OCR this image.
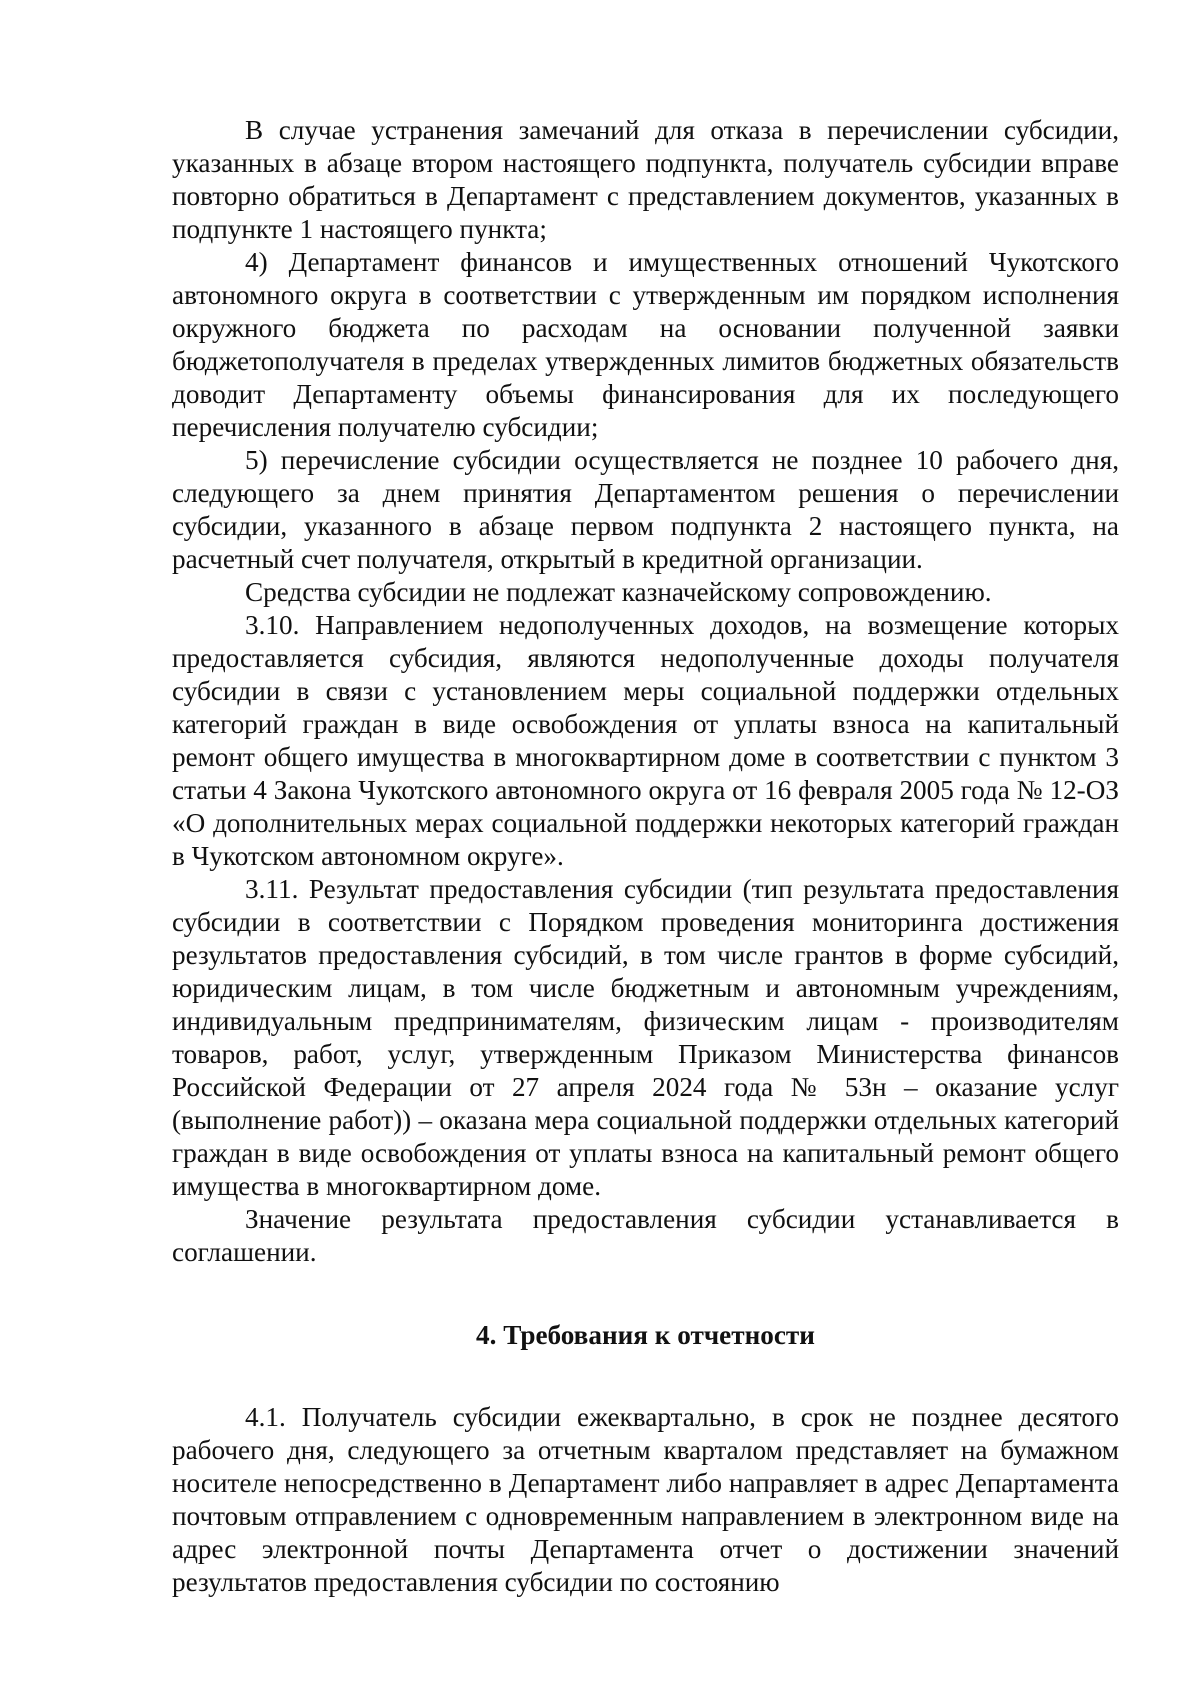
В случае устранения замечаний для отказа в перечислении субсидии, указанных в абзаце втором настоящего подпункта, получатель субсидии вправе повторно обратиться в Департамент с представлением документов, указанных в подпункте 1 настоящего пункта;

4) Департамент финансов и имущественных отношений Чукотского автономного округа в соответствии с утвержденным им порядком исполнения окружного бюджета по расходам на основании полученной заявки бюджетополучателя в пределах утвержденных лимитов бюджетных обязательств доводит Департаменту объемы финансирования для их последующего перечисления получателю субсидии;

5) перечисление субсидии осуществляется не позднее 10 рабочего дня, следующего за днем принятия Департаментом решения о перечислении субсидии, указанного в абзаце первом подпункта 2 настоящего пункта, на расчетный счет получателя, открытый в кредитной организации.

Средства субсидии не подлежат казначейскому сопровождению.

3.10. Направлением недополученных доходов, на возмещение которых предоставляется субсидия, являются недополученные доходы получателя субсидии в связи с установлением меры социальной поддержки отдельных категорий граждан в виде освобождения от уплаты взноса на капитальный ремонт общего имущества в многоквартирном доме в соответствии с пунктом 3 статьи 4 Закона Чукотского автономного округа от 16 февраля 2005 года № 12-ОЗ «О дополнительных мерах социальной поддержки некоторых категорий граждан в Чукотском автономном округе».

3.11. Результат предоставления субсидии (тип результата предоставления субсидии в соответствии с Порядком проведения мониторинга достижения результатов предоставления субсидий, в том числе грантов в форме субсидий, юридическим лицам, в том числе бюджетным и автономным учреждениям, индивидуальным предпринимателям, физическим лицам - производителям товаров, работ, услуг, утвержденным Приказом Министерства финансов Российской Федерации от 27 апреля 2024 года № 53н – оказание услуг (выполнение работ)) – оказана мера социальной поддержки отдельных категорий граждан в виде освобождения от уплаты взноса на капитальный ремонт общего имущества в многоквартирном доме.

Значение результата предоставления субсидии устанавливается в соглашении.

4. Требования к отчетности

4.1. Получатель субсидии ежеквартально, в срок не позднее десятого рабочего дня, следующего за отчетным кварталом представляет на бумажном носителе непосредственно в Департамент либо направляет в адрес Департамента почтовым отправлением с одновременным направлением в электронном виде на адрес электронной почты Департамента отчет о достижении значений результатов предоставления субсидии по состоянию
